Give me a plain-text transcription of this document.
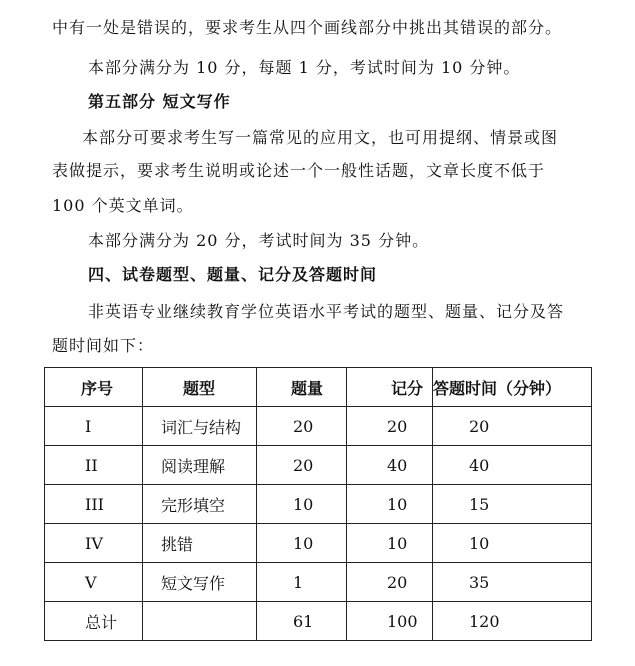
中有一处是错误的，要求考生从四个画线部分中挑出其错误的部分。
本部分满分为 10 分，每题 1 分，考试时间为 10 分钟。
第五部分 短文写作
本部分可要求考生写一篇常见的应用文，也可用提纲、情景或图
表做提示，要求考生说明或论述一个一般性话题，文章长度不低于
100 个英文单词。
本部分满分为 20 分，考试时间为 35 分钟。
四、试卷题型、题量、记分及答题时间
非英语专业继续教育学位英语水平考试的题型、题量、记分及答
题时间如下：
序号	题型	题量	记分	答题时间（分钟）
I	词汇与结构	20	20	20
II	阅读理解	20	40	40
III	完形填空	10	10	15
IV	挑错	10	10	10
V	短文写作	1	20	35
总计		61	100	120
